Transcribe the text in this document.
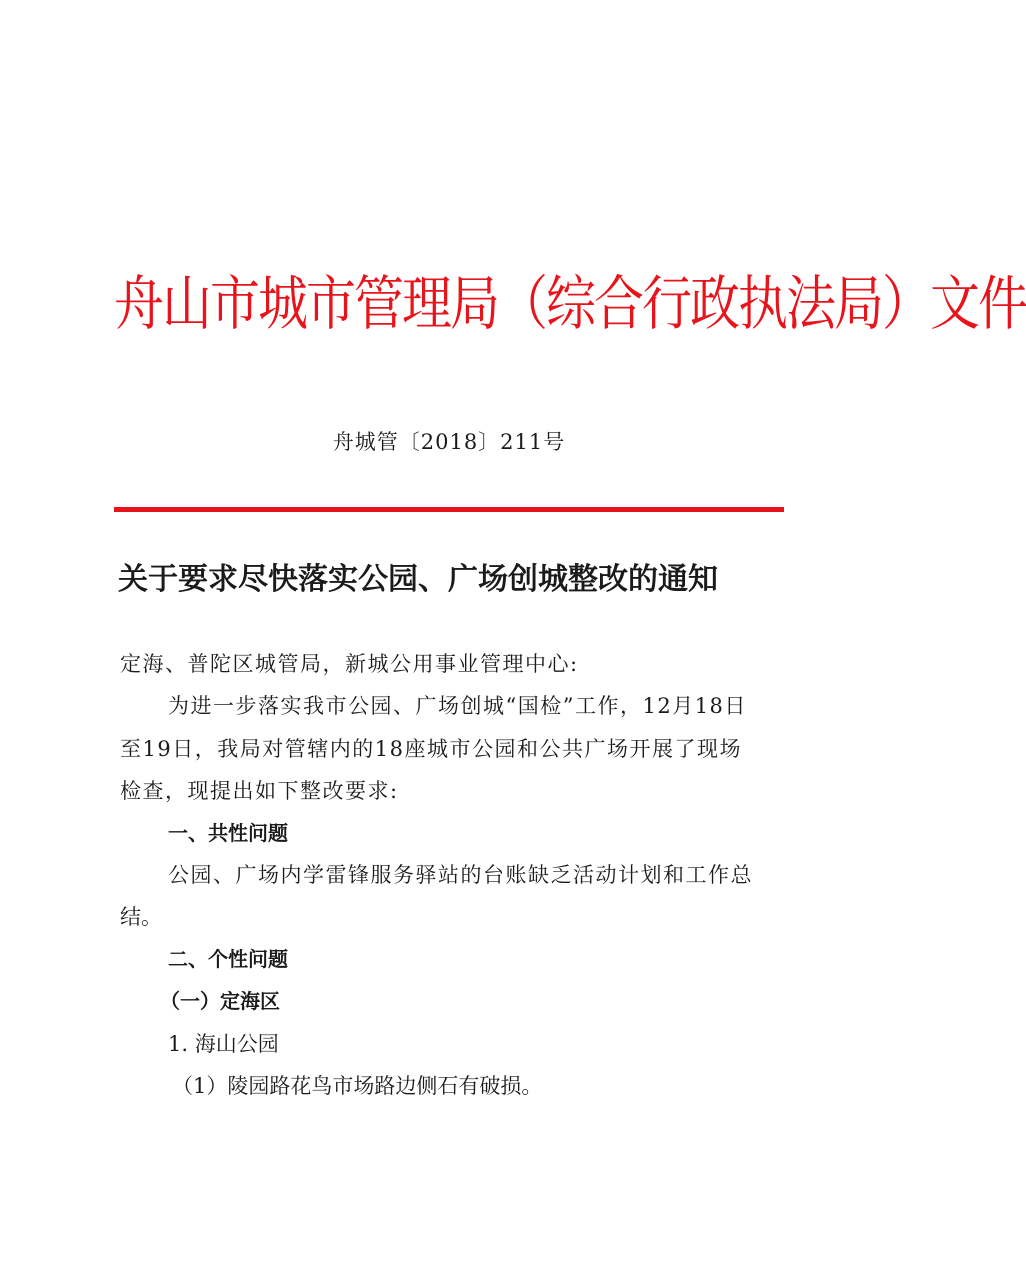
舟山市城市管理局（综合行政执法局）文件
舟城管〔2018〕211号
关于要求尽快落实公园、广场创城整改的通知

定海、普陀区城管局，新城公用事业管理中心:

为进一步落实我市公园、广场创城“国检”工作，12月18日

至19日，我局对管辖内的18座城市公园和公共广场开展了现场

检查，现提出如下整改要求:

一、共性问题

公园、广场内学雷锋服务驿站的台账缺乏活动计划和工作总

结。

二、个性问题

（一）定海区

1. 海山公园

（1）陵园路花鸟市场路边侧石有破损。
